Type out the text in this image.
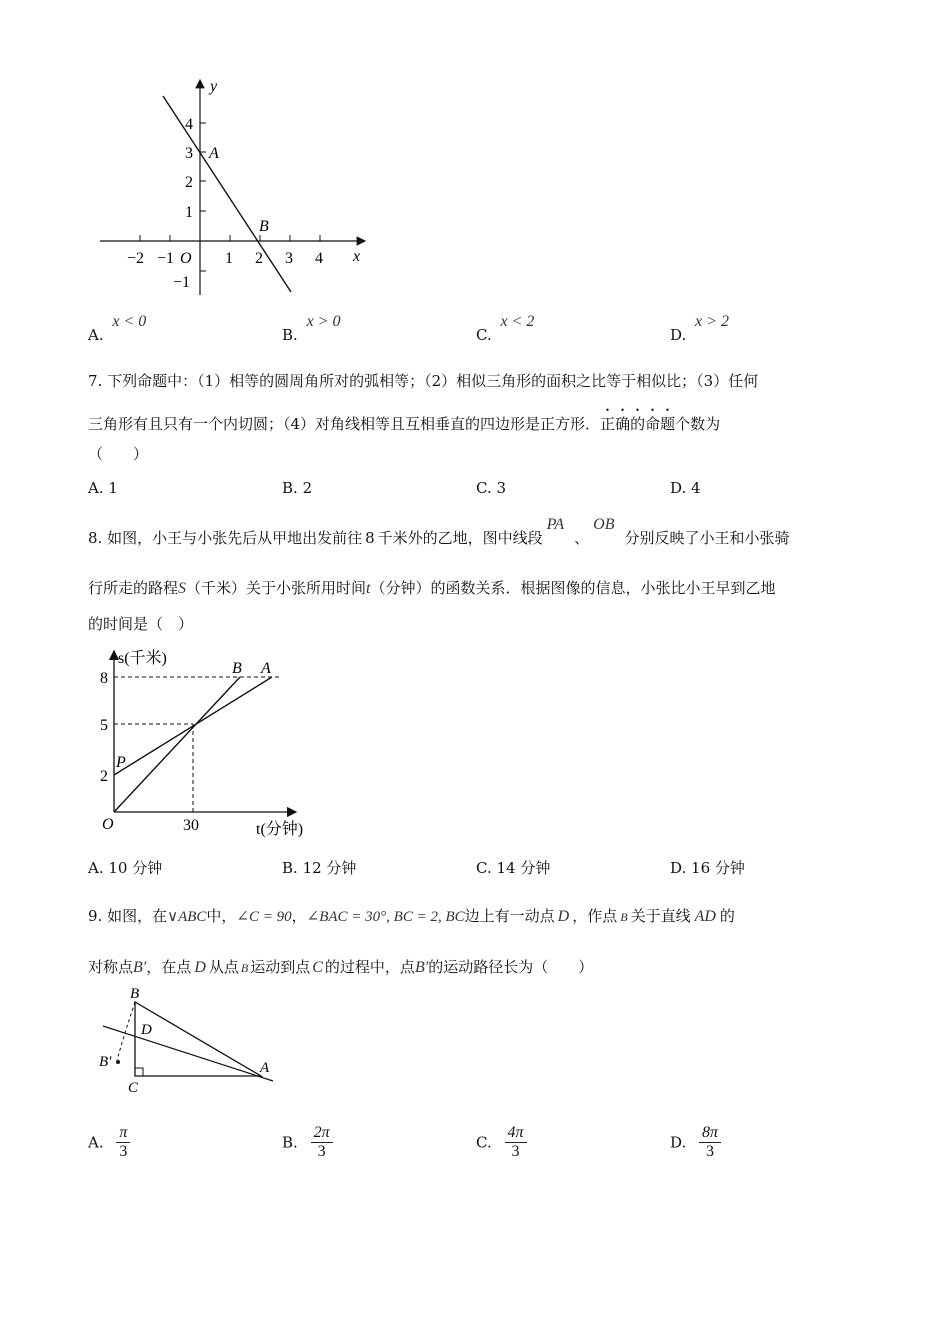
y
x
O
A
B
4
3
2
1
−1
−2 −1	1 2 3 4
A. x < 0
B. x > 0
C. x < 2
D. x > 2
7. 下列命题中：（1）相等的圆周角所对的弧相等；（2）相似三角形的面积之比等于相似比；（3）任何
三角形有且只有一个内切圆；（4）对角线相等且互相垂直的四边形是正方形．正确的命题个数为
（　　）
A. 1	B. 2	C. 3	D. 4
8. 如图，小王与小张先后从甲地出发前往 8 千米外的乙地，图中线段PA、OB分别反映了小王和小张骑
行所走的路程S（千米）关于小张所用时间t（分钟）的函数关系．根据图像的信息，小张比小王早到乙地
的时间是（　）
s(千米)
t(分钟)
O
B A
P
8
5
2
30
A. 10 分钟	B. 12 分钟	C. 14 分钟	D. 16 分钟
9. 如图，在∨ABC中，∠C = 90，∠BAC = 30°, BC = 2, BC边上有一动点 D ，作点 B 关于直线 AD 的
对称点B′，在点 D 从点 B 运动到点 C 的过程中，点B′的运动路径长为（　　）
B
D
B′
C
A
A. $\frac{\pi}{3}$	B. $\frac{2\pi}{3}$	C. $\frac{4\pi}{3}$	D. $\frac{8\pi}{3}$
